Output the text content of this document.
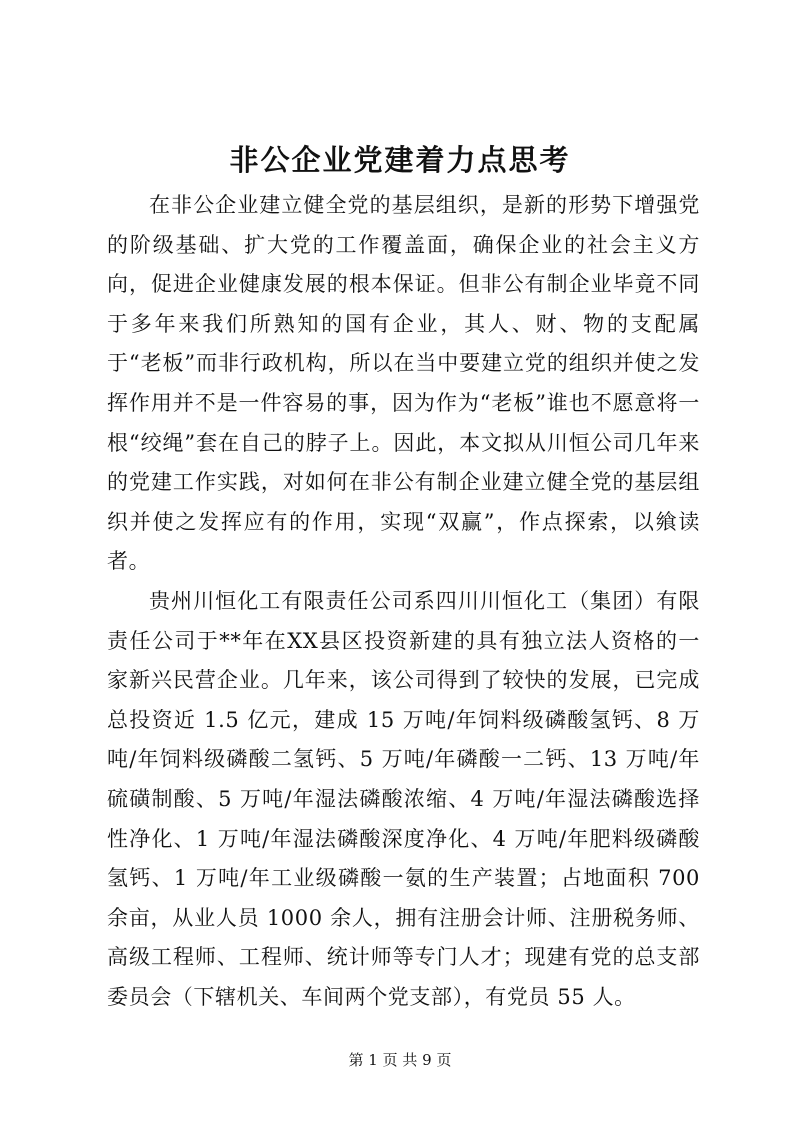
非公企业党建着力点思考

在非公企业建立健全党的基层组织，是新的形势下增强党的阶级基础、扩大党的工作覆盖面，确保企业的社会主义方向，促进企业健康发展的根本保证。但非公有制企业毕竟不同于多年来我们所熟知的国有企业，其人、财、物的支配属于“老板”而非行政机构，所以在当中要建立党的组织并使之发挥作用并不是一件容易的事，因为作为“老板”谁也不愿意将一根“绞绳”套在自己的脖子上。因此，本文拟从川恒公司几年来的党建工作实践，对如何在非公有制企业建立健全党的基层组织并使之发挥应有的作用，实现“双赢”，作点探索，以飨读者。

贵州川恒化工有限责任公司系四川川恒化工（集团）有限责任公司于**年在XX县区投资新建的具有独立法人资格的一家新兴民营企业。几年来，该公司得到了较快的发展，已完成总投资近 1.5 亿元，建成 15 万吨/年饲料级磷酸氢钙、8 万吨/年饲料级磷酸二氢钙、5 万吨/年磷酸一二钙、13 万吨/年硫磺制酸、5 万吨/年湿法磷酸浓缩、4 万吨/年湿法磷酸选择性净化、1 万吨/年湿法磷酸深度净化、4 万吨/年肥料级磷酸氢钙、1 万吨/年工业级磷酸一氨的生产装置；占地面积 700 余亩，从业人员 1000 余人，拥有注册会计师、注册税务师、高级工程师、工程师、统计师等专门人才；现建有党的总支部委员会（下辖机关、车间两个党支部），有党员 55 人。

第 1 页 共 9 页
